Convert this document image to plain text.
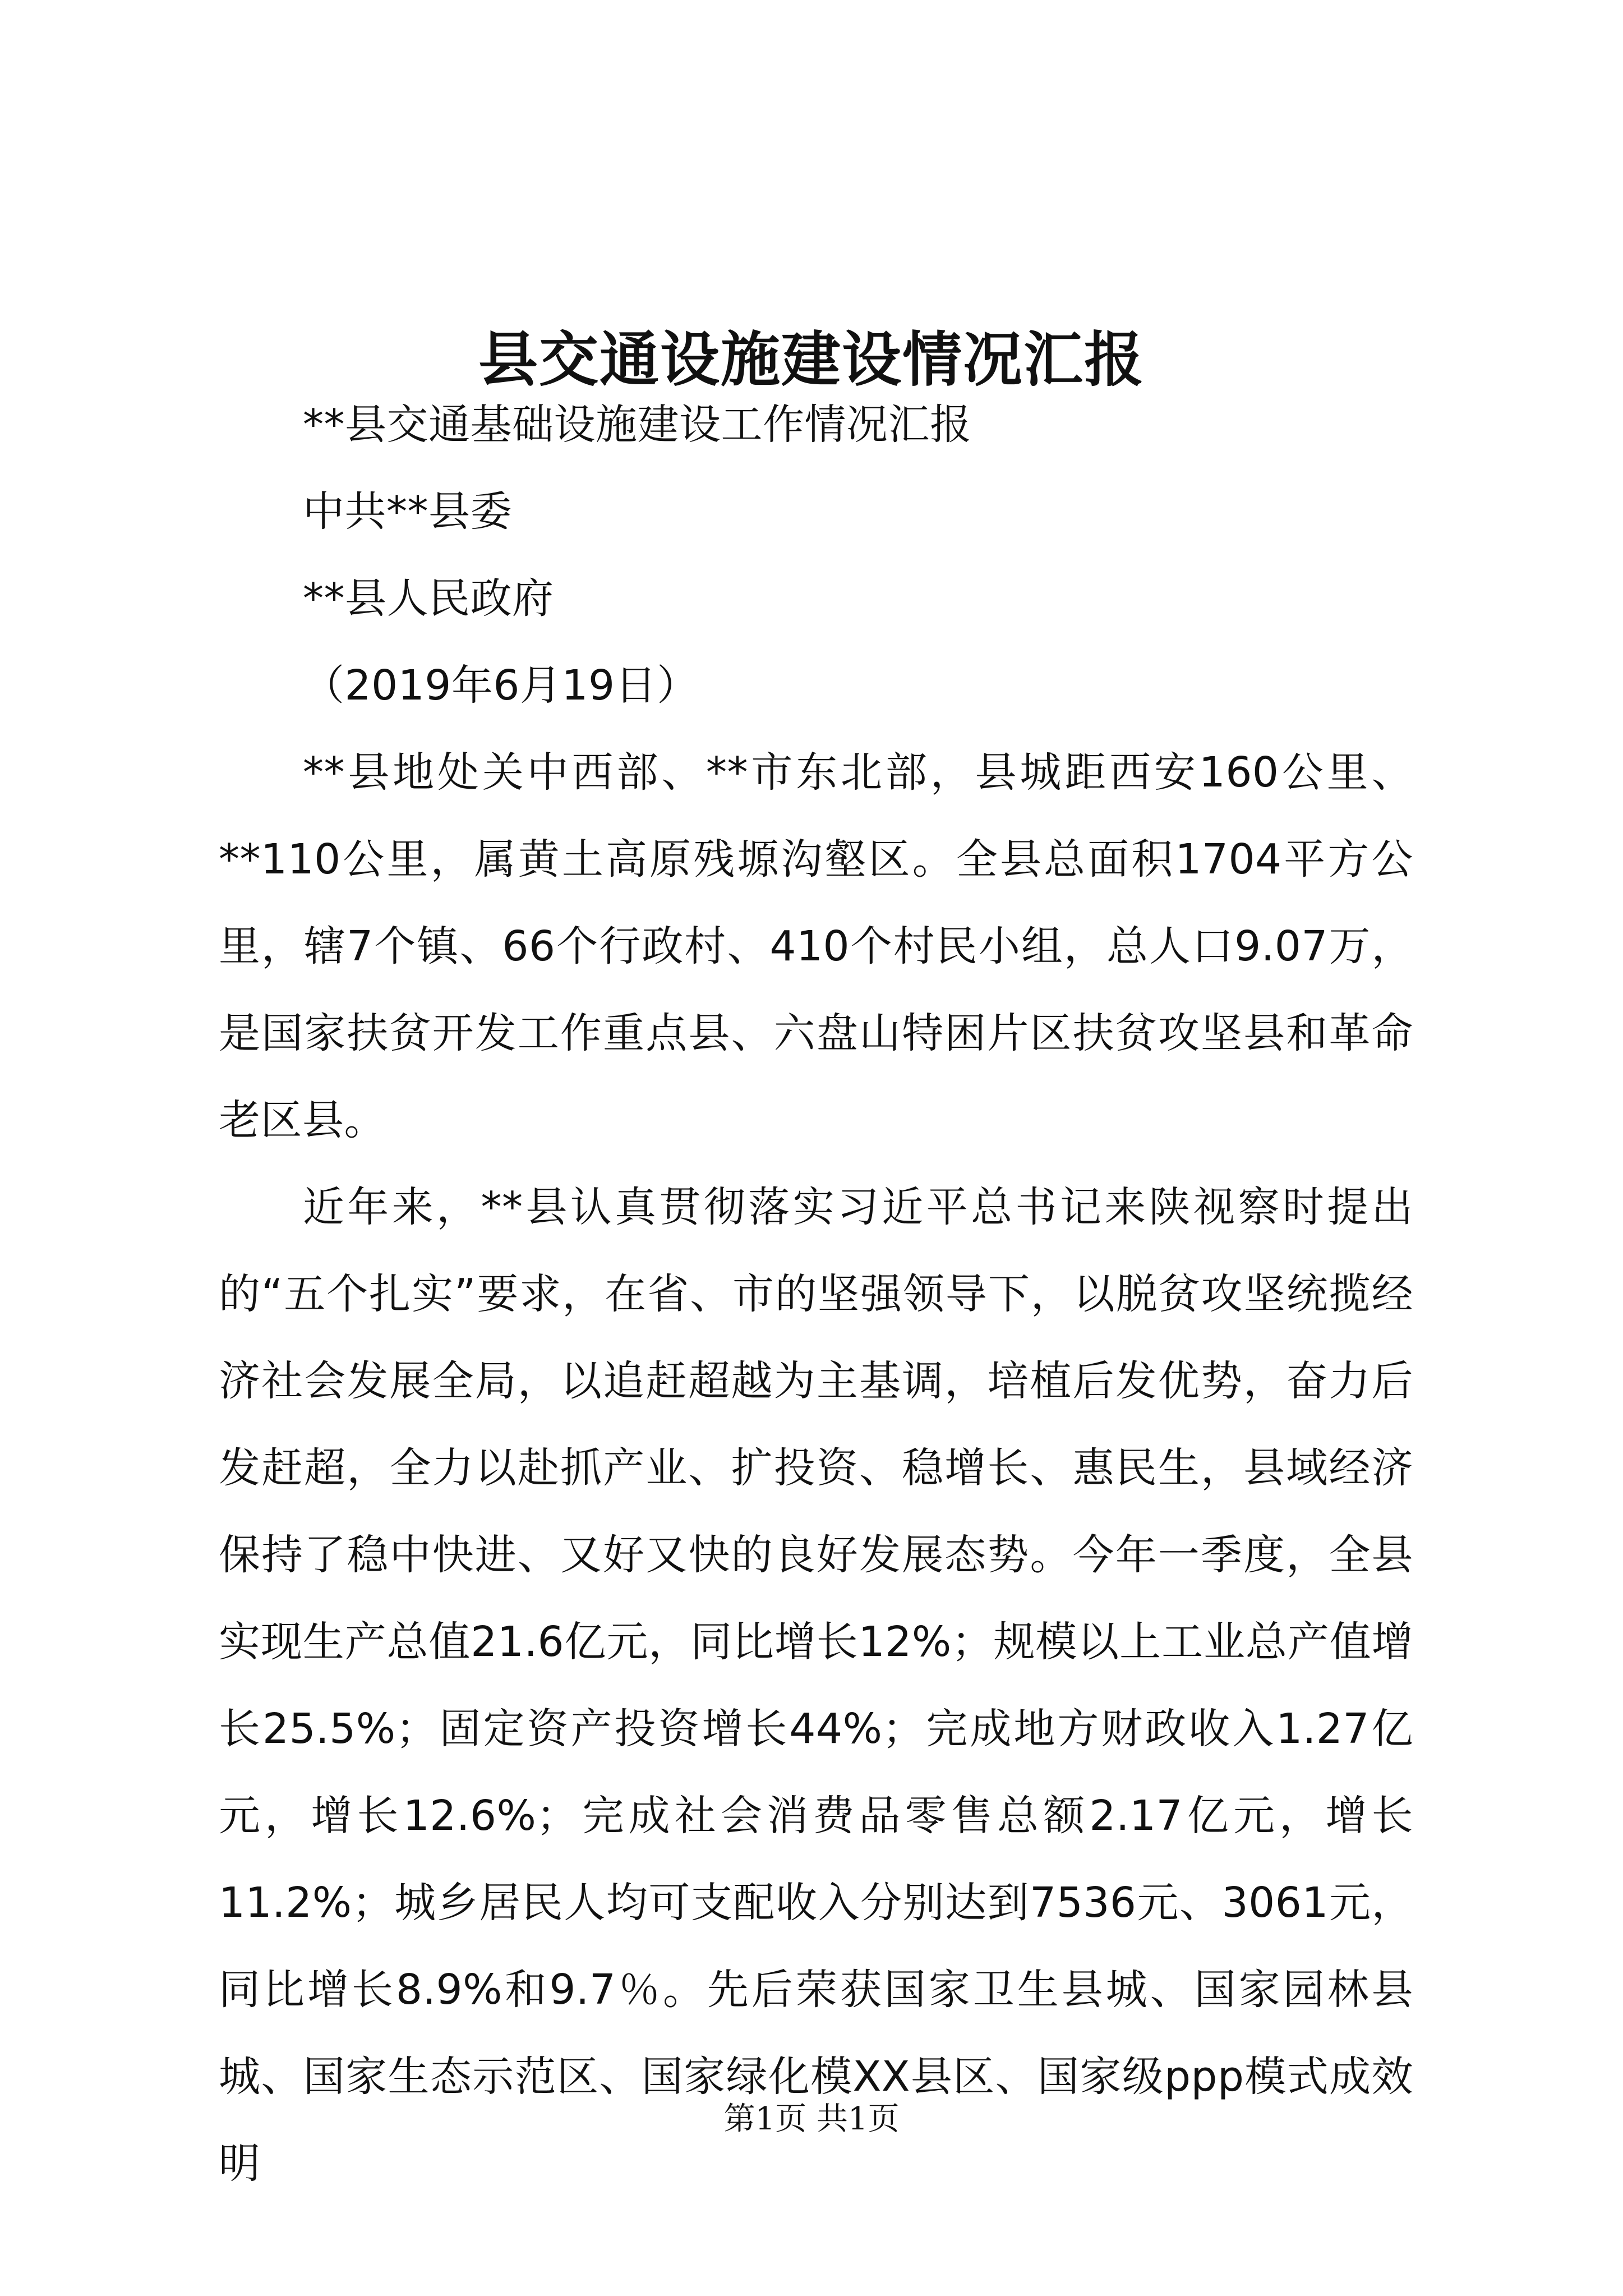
县交通设施建设情况汇报

**县交通基础设施建设工作情况汇报

中共**县委

**县人民政府

（2019年6月19日）

**县地处关中西部、**市东北部，县城距西安160公里、**110公里，属黄土高原残塬沟壑区。全县总面积1704平方公里，辖7个镇、66个行政村、410个村民小组，总人口9.07万，是国家扶贫开发工作重点县、六盘山特困片区扶贫攻坚县和革命老区县。

近年来，**县认真贯彻落实习近平总书记来陕视察时提出的“五个扎实”要求，在省、市的坚强领导下，以脱贫攻坚统揽经济社会发展全局，以追赶超越为主基调，培植后发优势，奋力后发赶超，全力以赴抓产业、扩投资、稳增长、惠民生，县域经济保持了稳中快进、又好又快的良好发展态势。今年一季度，全县实现生产总值21.6亿元，同比增长12%；规模以上工业总产值增长25.5%；固定资产投资增长44%；完成地方财政收入1.27亿元，增长12.6%；完成社会消费品零售总额2.17亿元，增长11.2%；城乡居民人均可支配收入分别达到7536元、3061元，同比增长8.9%和9.7％。先后荣获国家卫生县城、国家园林县城、国家生态示范区、国家绿化模XX县区、国家级ppp模式成效明

第1页 共1页
